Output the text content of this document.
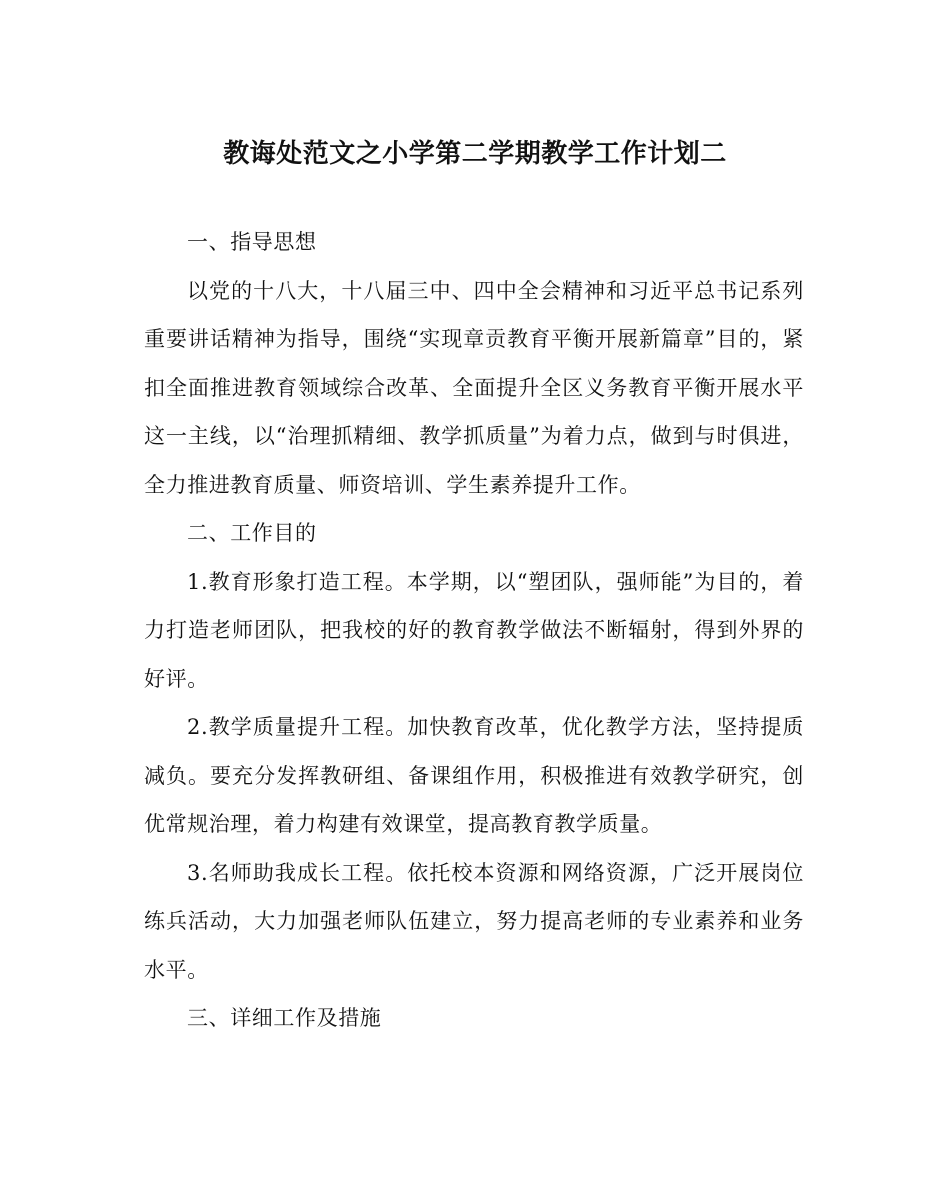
教诲处范文之小学第二学期教学工作计划二

一、指导思想

以党的十八大，十八届三中、四中全会精神和习近平总书记系列重要讲话精神为指导，围绕“实现章贡教育平衡开展新篇章”目的，紧扣全面推进教育领域综合改革、全面提升全区义务教育平衡开展水平这一主线，以“治理抓精细、教学抓质量”为着力点，做到与时俱进，全力推进教育质量、师资培训、学生素养提升工作。

二、工作目的

1.教育形象打造工程。本学期，以“塑团队，强师能”为目的，着力打造老师团队，把我校的好的教育教学做法不断辐射，得到外界的好评。

2.教学质量提升工程。加快教育改革，优化教学方法，坚持提质减负。要充分发挥教研组、备课组作用，积极推进有效教学研究，创优常规治理，着力构建有效课堂，提高教育教学质量。

3.名师助我成长工程。依托校本资源和网络资源，广泛开展岗位练兵活动，大力加强老师队伍建立，努力提高老师的专业素养和业务水平。

三、详细工作及措施
